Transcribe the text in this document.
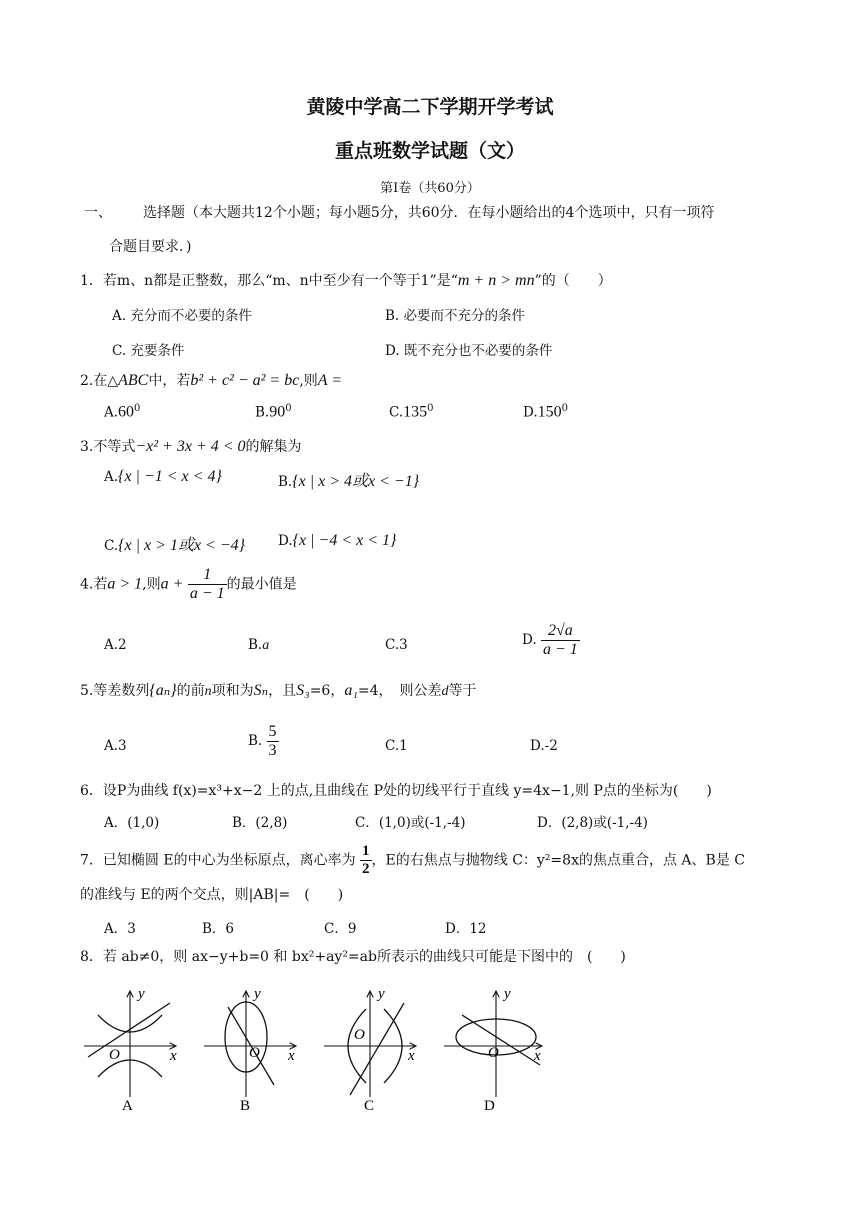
黄陵中学高二下学期开学考试
重点班数学试题（文）
第Ⅰ卷（共60分）
一、 选择题（本大题共12个小题；每小题5分，共60分．在每小题给出的4个选项中，只有一项符
合题目要求．)
1．若m、n都是正整数，那么“m、n中至少有一个等于1”是“m + n > mn”的（　　）
A. 充分而不必要的条件	B. 必要而不充分的条件
C. 充要条件	D. 既不充分也不必要的条件
2.在△ABC中，若b² + c² − a² = bc,则A =
$A.60^0$	$B.90^0$	C.135$^0$	D.150$^0$
3.不等式−x² + 3x + 4 < 0的解集为
A.{x | −1 < x < 4}	B.{x | x > 4或x < −1}
C.{x | x > 1或x < −4} D.{x | −4 < x < 1}
4.若a > 1,则$a + \frac{1}{a - 1}$ 的最小值是
A.2	B.a	C.3	D. $\frac{2√a}{a - 1}$
5.等差数列{aₙ}的前n项和为Sₙ，且S₃=6，a₁=4，　则公差d等于
A.3	B. $\frac{5}{3}$	C.1	D.-2
6．设P为曲线 f(x)=x³+x−2 上的点,且曲线在 P处的切线平行于直线 y=4x−1,则 P点的坐标为(　　)
A．(1,0)	B．(2,8)	C．(1,0)或(-1,-4)	D．(2,8)或(-1,-4)
7．已知椭圆 E的中心为坐标原点，离心率为 $\frac{1}{2}$ ，E的右焦点与抛物线 C：y²=8x的焦点重合，点 A、B是 C
的准线与 E的两个交点，则|AB|=　(　　)
A．3	B．6	C．9	D．12
8．若 ab≠0，则 ax−y+b=0 和 bx²+ay²=ab所表示的曲线只可能是下图中的　(　　)
y
x
O
A
y
x
O
B
y
x
O
C
y
x
O
D
